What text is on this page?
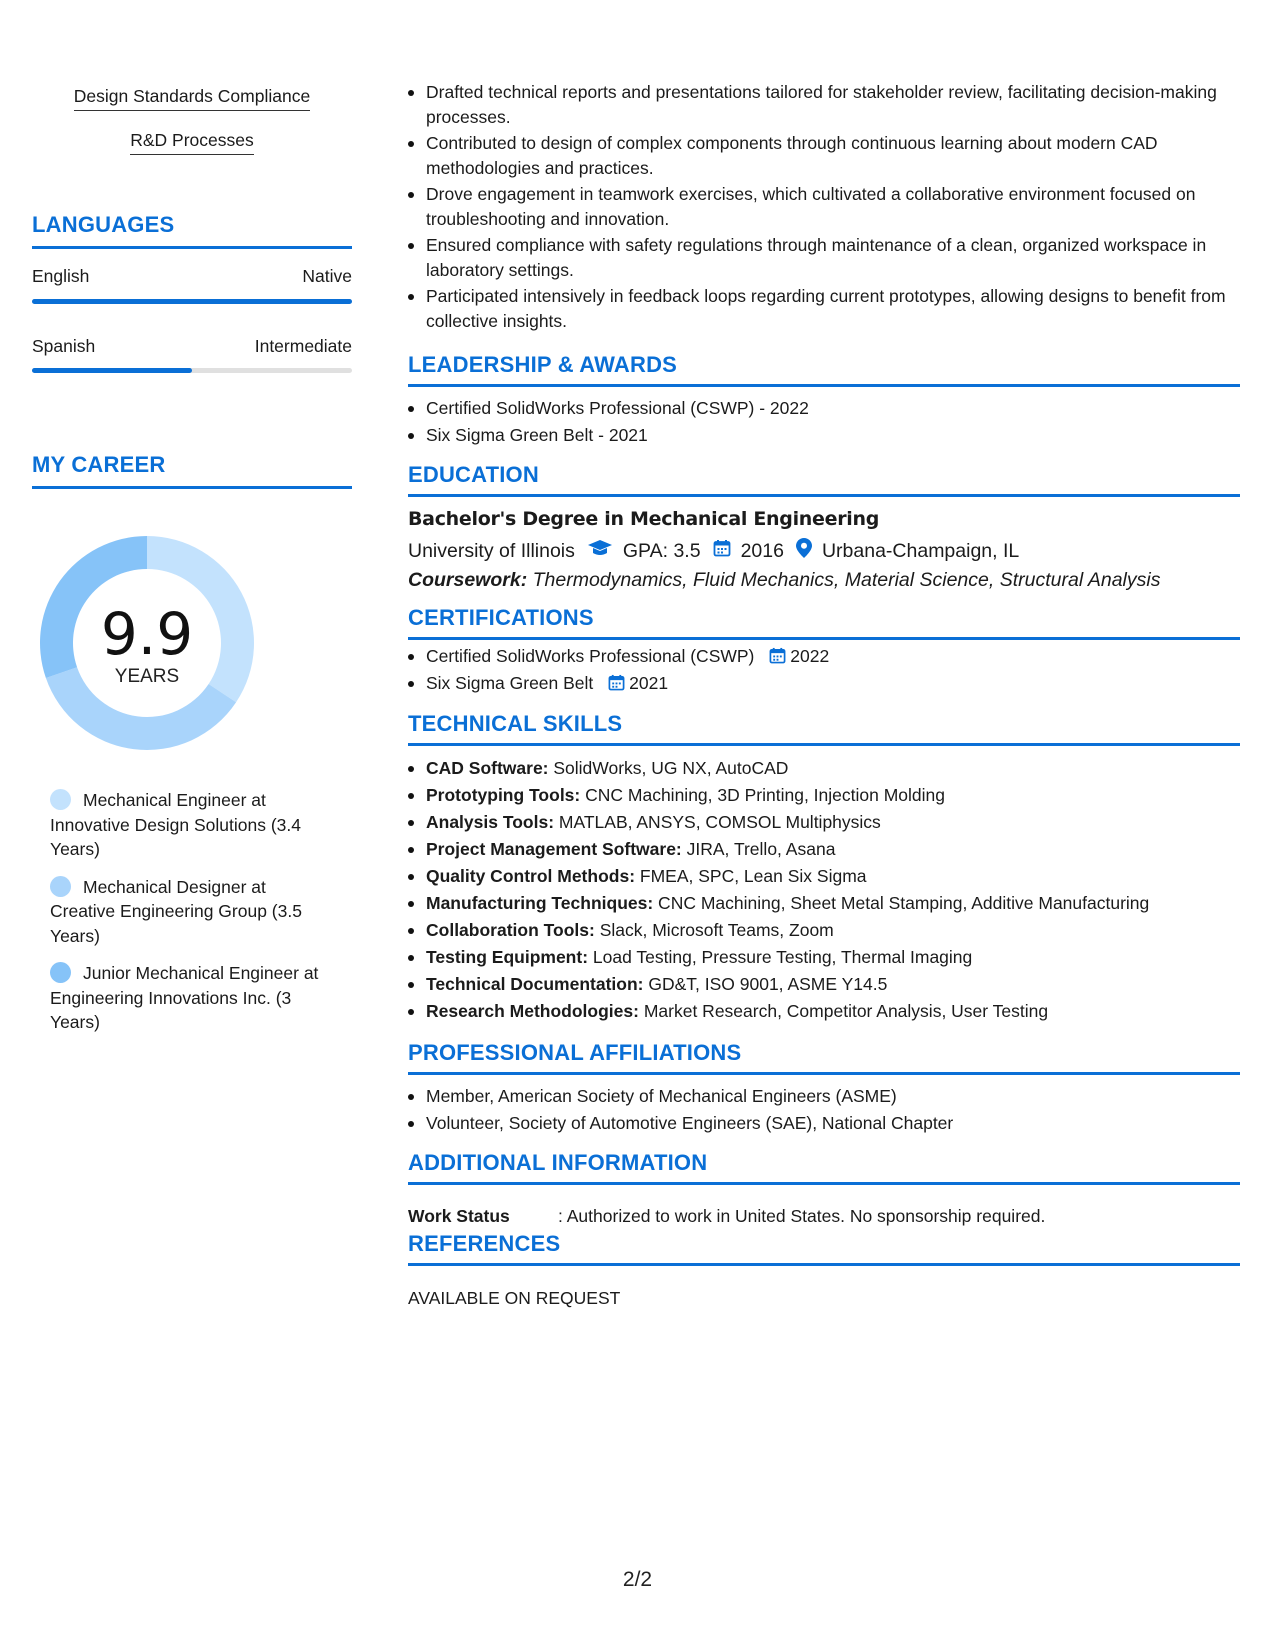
Design Standards Compliance
R&D Processes
LANGUAGES
English	Native
Spanish	Intermediate
MY CAREER
9.9
YEARS
Mechanical Engineer at Innovative Design Solutions (3.4 Years)
Mechanical Designer at Creative Engineering Group (3.5 Years)
Junior Mechanical Engineer at Engineering Innovations Inc. (3 Years)
Drafted technical reports and presentations tailored for stakeholder review, facilitating decision-making processes.
Contributed to design of complex components through continuous learning about modern CAD methodologies and practices.
Drove engagement in teamwork exercises, which cultivated a collaborative environment focused on troubleshooting and innovation.
Ensured compliance with safety regulations through maintenance of a clean, organized workspace in laboratory settings.
Participated intensively in feedback loops regarding current prototypes, allowing designs to benefit from collective insights.
LEADERSHIP & AWARDS
Certified SolidWorks Professional (CSWP) - 2022
Six Sigma Green Belt - 2021
EDUCATION
Bachelor's Degree in Mechanical Engineering
University of Illinois GPA: 3.5 2016 Urbana-Champaign, IL
Coursework: Thermodynamics, Fluid Mechanics, Material Science, Structural Analysis
CERTIFICATIONS
Certified SolidWorks Professional (CSWP) 2022
Six Sigma Green Belt 2021
TECHNICAL SKILLS
CAD Software: SolidWorks, UG NX, AutoCAD
Prototyping Tools: CNC Machining, 3D Printing, Injection Molding
Analysis Tools: MATLAB, ANSYS, COMSOL Multiphysics
Project Management Software: JIRA, Trello, Asana
Quality Control Methods: FMEA, SPC, Lean Six Sigma
Manufacturing Techniques: CNC Machining, Sheet Metal Stamping, Additive Manufacturing
Collaboration Tools: Slack, Microsoft Teams, Zoom
Testing Equipment: Load Testing, Pressure Testing, Thermal Imaging
Technical Documentation: GD&T, ISO 9001, ASME Y14.5
Research Methodologies: Market Research, Competitor Analysis, User Testing
PROFESSIONAL AFFILIATIONS
Member, American Society of Mechanical Engineers (ASME)
Volunteer, Society of Automotive Engineers (SAE), National Chapter
ADDITIONAL INFORMATION
Work Status	: Authorized to work in United States. No sponsorship required.
REFERENCES
AVAILABLE ON REQUEST
2/2
